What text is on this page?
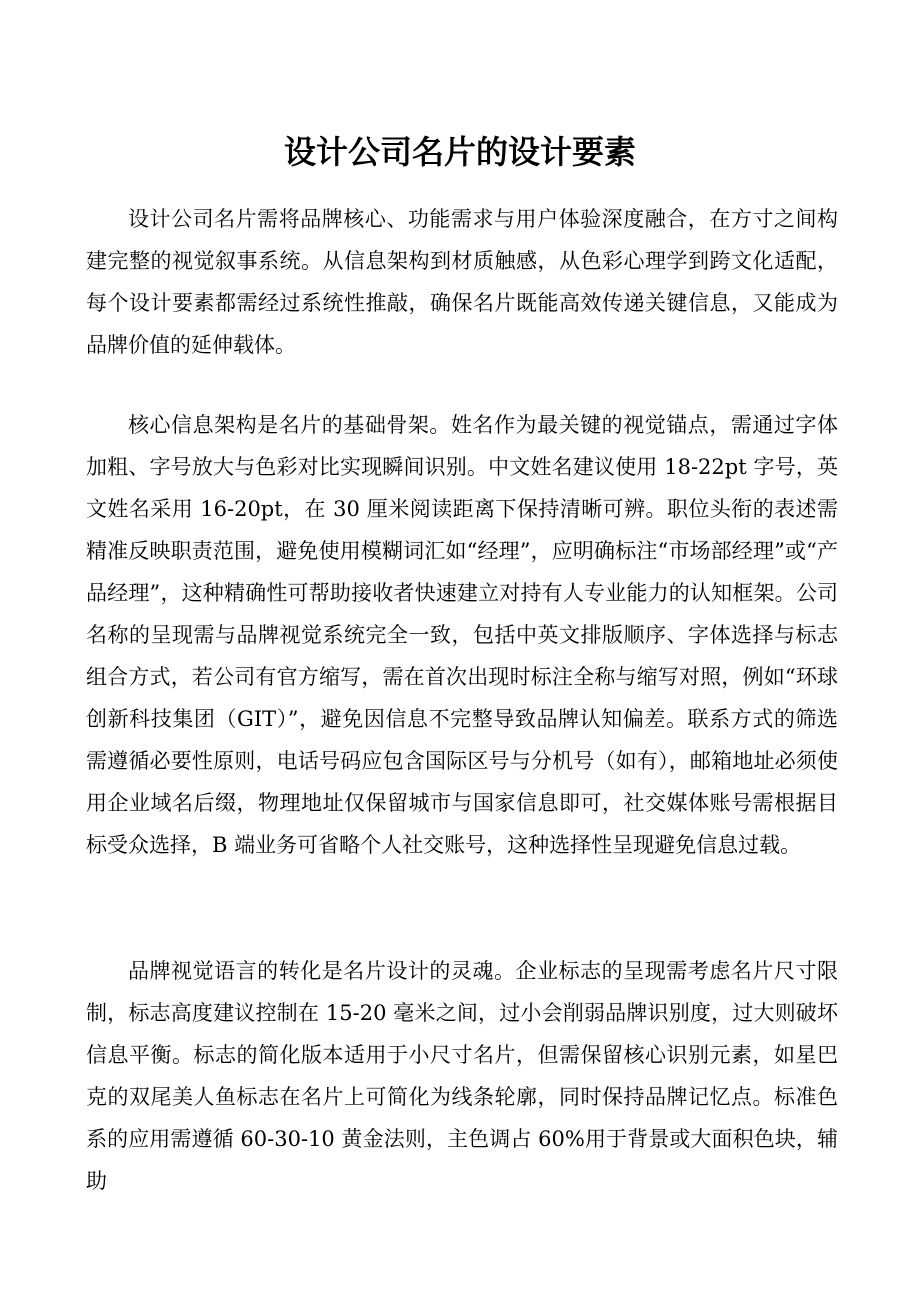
设计公司名片的设计要素

设计公司名片需将品牌核心、功能需求与用户体验深度融合，在方寸之间构建完整的视觉叙事系统。从信息架构到材质触感，从色彩心理学到跨文化适配，每个设计要素都需经过系统性推敲，确保名片既能高效传递关键信息，又能成为品牌价值的延伸载体。

核心信息架构是名片的基础骨架。姓名作为最关键的视觉锚点，需通过字体加粗、字号放大与色彩对比实现瞬间识别。中文姓名建议使用 18-22pt 字号，英文姓名采用 16-20pt，在 30 厘米阅读距离下保持清晰可辨。职位头衔的表述需精准反映职责范围，避免使用模糊词汇如“经理”，应明确标注“市场部经理”或“产品经理”，这种精确性可帮助接收者快速建立对持有人专业能力的认知框架。公司名称的呈现需与品牌视觉系统完全一致，包括中英文排版顺序、字体选择与标志组合方式，若公司有官方缩写，需在首次出现时标注全称与缩写对照，例如“环球创新科技集团（GIT）”，避免因信息不完整导致品牌认知偏差。联系方式的筛选需遵循必要性原则，电话号码应包含国际区号与分机号（如有），邮箱地址必须使用企业域名后缀，物理地址仅保留城市与国家信息即可，社交媒体账号需根据目标受众选择，B 端业务可省略个人社交账号，这种选择性呈现避免信息过载。

品牌视觉语言的转化是名片设计的灵魂。企业标志的呈现需考虑名片尺寸限制，标志高度建议控制在 15-20 毫米之间，过小会削弱品牌识别度，过大则破坏信息平衡。标志的简化版本适用于小尺寸名片，但需保留核心识别元素，如星巴克的双尾美人鱼标志在名片上可简化为线条轮廓，同时保持品牌记忆点。标准色系的应用需遵循 60-30-10 黄金法则，主色调占 60%用于背景或大面积色块，辅助
